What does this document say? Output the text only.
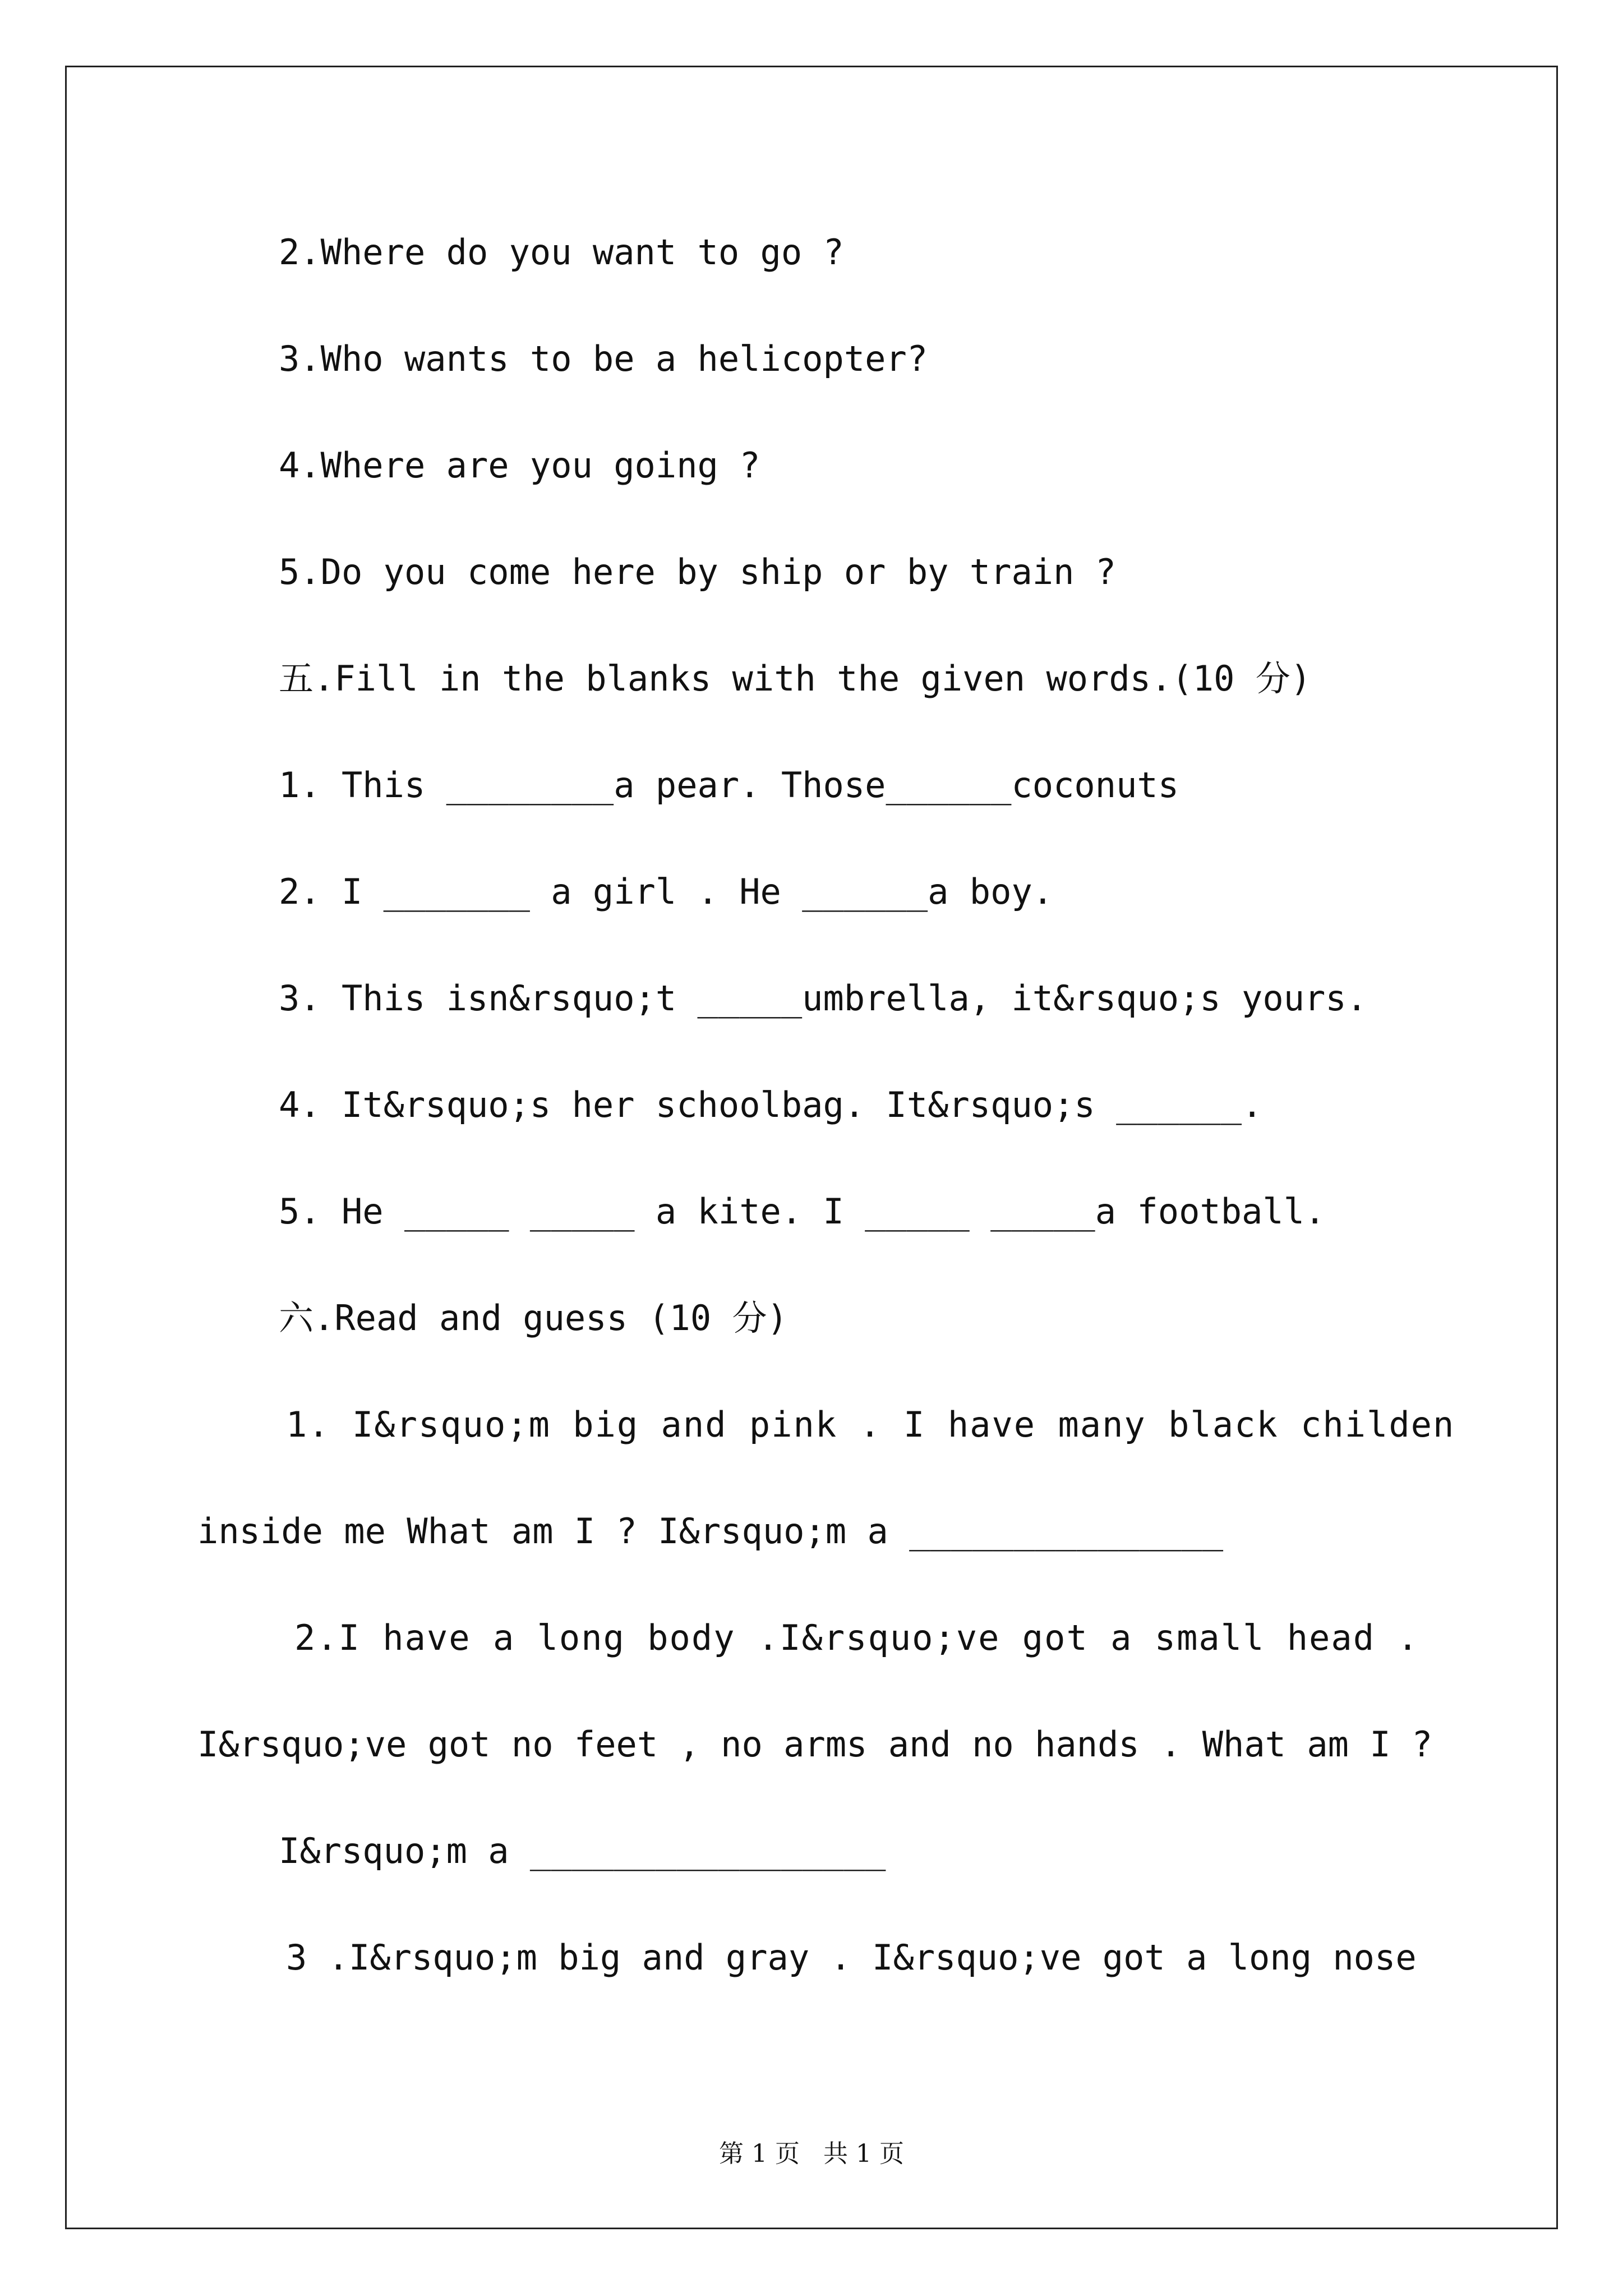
2.Where do you want to go ?
3.Who wants to be a helicopter?
4.Where are you going ?
5.Do you come here by ship or by train ?
五.Fill in the blanks with the given words.(10 分)
1. This ________a pear. Those______coconuts
2. I _______ a girl . He ______a boy.
3. This isn&rsquo;t _____umbrella, it&rsquo;s yours.
4. It&rsquo;s her schoolbag. It&rsquo;s ______.
5. He _____ _____ a kite. I _____ _____a football.
六.Read and guess (10 分)
1. I&rsquo;m big and pink . I have many black childen
inside me What am I ? I&rsquo;m a _______________
2.I have a long body .I&rsquo;ve got a small head .
I&rsquo;ve got no feet , no arms and no hands . What am I ?
I&rsquo;m a _________________
3 .I&rsquo;m big and gray . I&rsquo;ve got a long nose
第 1 页   共 1 页
